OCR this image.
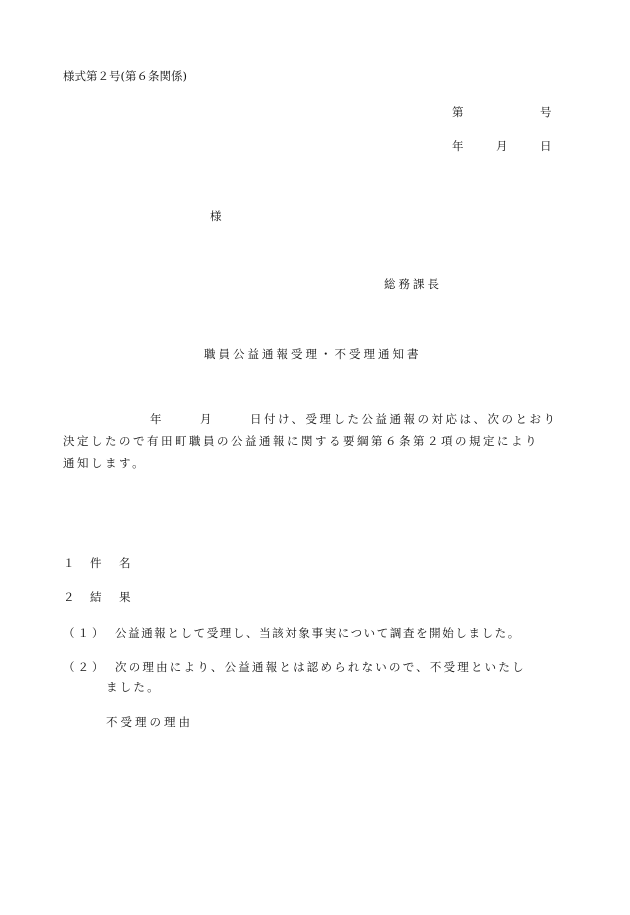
様式第２号(第６条関係)
第	号
年	月	日
様
総務課長
職員公益通報受理・不受理通知書
年	月	日付け、受理した公益通報の対応は、次のとおり
決定したので有田町職員の公益通報に関する要綱第６条第２項の規定により
通知します。
１ 件　名
２ 結　果
（１） 公益通報として受理し、当該対象事実について調査を開始しました。
（２） 次の理由により、公益通報とは認められないので、不受理といたし
ました。
不受理の理由
